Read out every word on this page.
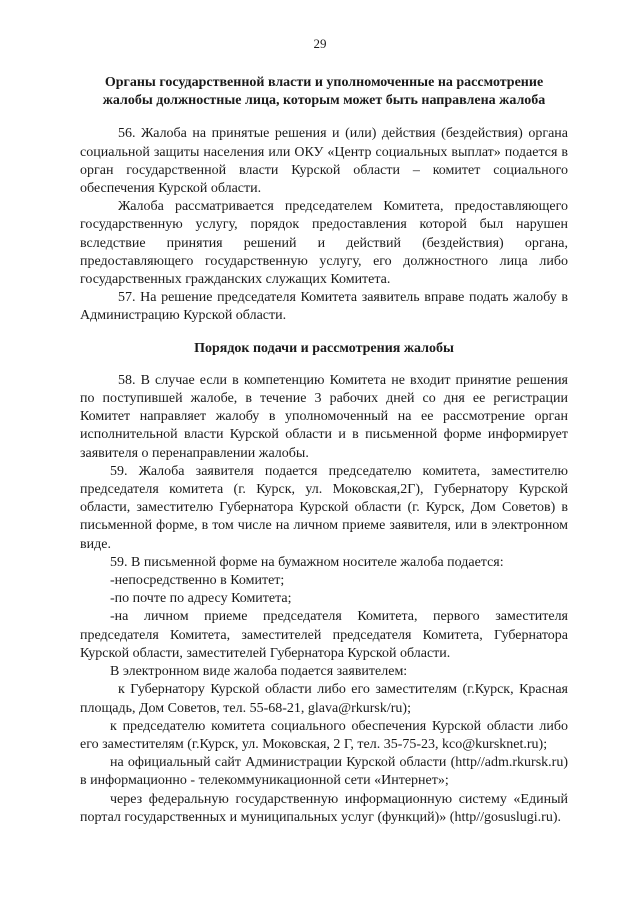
29
Органы государственной власти и уполномоченные на рассмотрение жалобы должностные лица, которым может быть направлена жалоба

56. Жалоба на принятые решения и (или) действия (бездействия) органа социальной защиты населения или ОКУ «Центр социальных выплат» подается в орган государственной власти Курской области – комитет социального обеспечения Курской области.

Жалоба рассматривается председателем Комитета, предоставляющего государственную услугу, порядок предоставления которой был нарушен вследствие принятия решений и действий (бездействия) органа, предоставляющего государственную услугу, его должностного лица либо государственных гражданских служащих Комитета.

57. На решение председателя Комитета заявитель вправе подать жалобу в Администрацию Курской области.

Порядок подачи и рассмотрения жалобы

58. В случае если в компетенцию Комитета не входит принятие решения по поступившей жалобе, в течение 3 рабочих дней со дня ее регистрации Комитет направляет жалобу в уполномоченный на ее рассмотрение орган исполнительной власти Курской области и в письменной форме информирует заявителя о перенаправлении жалобы.

59. Жалоба заявителя подается председателю комитета, заместителю председателя комитета (г. Курск, ул. Моковская,2Г), Губернатору Курской области, заместителю Губернатора Курской области (г. Курск, Дом Советов) в письменной форме, в том числе на личном приеме заявителя, или в электронном виде.

59. В письменной форме на бумажном носителе жалоба подается:

-непосредственно в Комитет;

-по почте по адресу Комитета;

-на личном приеме председателя Комитета, первого заместителя председателя Комитета, заместителей председателя Комитета, Губернатора Курской области, заместителей Губернатора Курской области.

В электронном виде жалоба подается заявителем:

к Губернатору Курской области либо его заместителям (г.Курск, Красная площадь, Дом Советов, тел. 55-68-21, glava@rkursk/ru);

к председателю комитета социального обеспечения Курской области либо его заместителям (г.Курск, ул. Моковская, 2 Г, тел. 35-75-23, kco@kursknet.ru);

на официальный сайт Администрации Курской области (http//adm.rkursk.ru) в информационно - телекоммуникационной сети «Интернет»;

через федеральную государственную информационную систему «Единый портал государственных и муниципальных услуг (функций)» (http//gosuslugi.ru).
